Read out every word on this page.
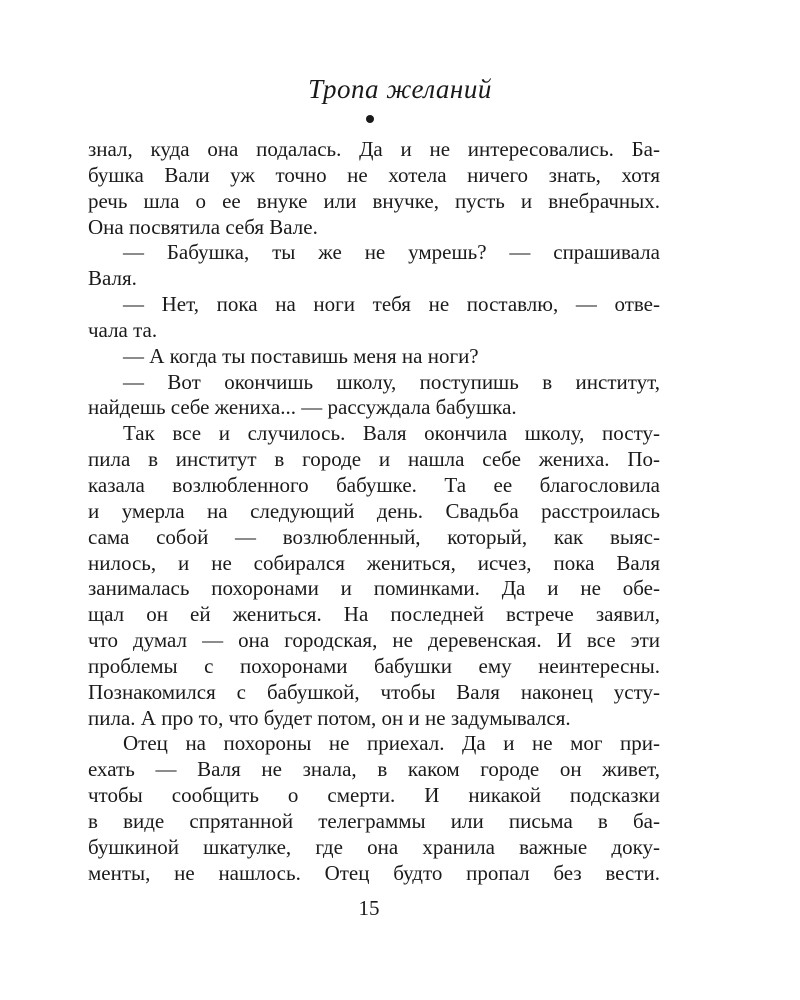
Тропа желаний
знал, куда она подалась. Да и не интересовались. Ба-
бушка Вали уж точно не хотела ничего знать, хотя
речь шла о ее внуке или внучке, пусть и внебрачных.
Она посвятила себя Вале.
— Бабушка, ты же не умрешь? — спрашивала
Валя.
— Нет, пока на ноги тебя не поставлю, — отве-
чала та.
— А когда ты поставишь меня на ноги?
— Вот окончишь школу, поступишь в институт,
найдешь себе жениха... — рассуждала бабушка.
Так все и случилось. Валя окончила школу, посту-
пила в институт в городе и нашла себе жениха. По-
казала возлюбленного бабушке. Та ее благословила
и умерла на следующий день. Свадьба расстроилась
сама собой — возлюбленный, который, как выяс-
нилось, и не собирался жениться, исчез, пока Валя
занималась похоронами и поминками. Да и не обе-
щал он ей жениться. На последней встрече заявил,
что думал — она городская, не деревенская. И все эти
проблемы с похоронами бабушки ему неинтересны.
Познакомился с бабушкой, чтобы Валя наконец усту-
пила. А про то, что будет потом, он и не задумывался.
Отец на похороны не приехал. Да и не мог при-
ехать — Валя не знала, в каком городе он живет,
чтобы сообщить о смерти. И никакой подсказки
в виде спрятанной телеграммы или письма в ба-
бушкиной шкатулке, где она хранила важные доку-
менты, не нашлось. Отец будто пропал без вести.
15
